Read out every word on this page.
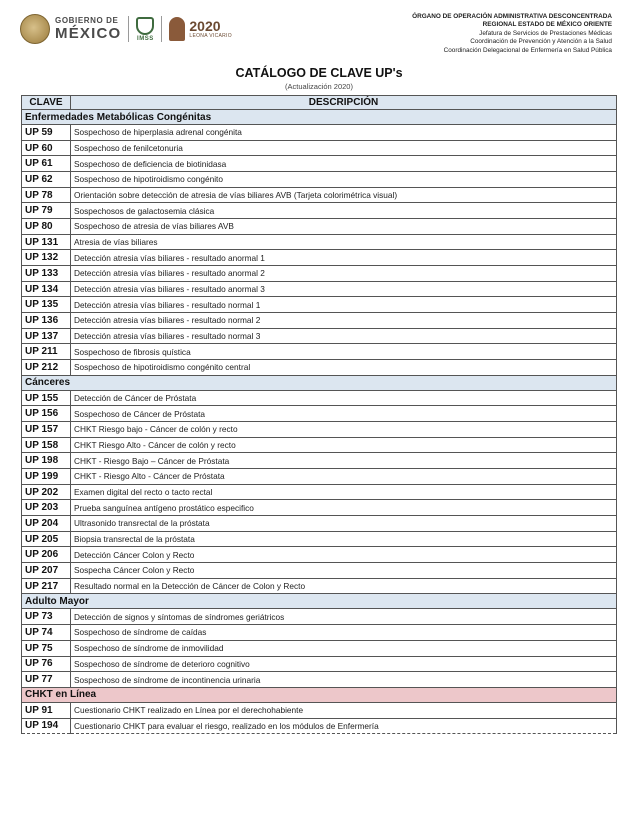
GOBIERNO DE
MÉXICO	IMSS
2020
LEONA VICARIO
ÓRGANO DE OPERACIÓN ADMINISTRATIVA DESCONCENTRADA
REGIONAL ESTADO DE MÉXICO ORIENTE
Jefatura de Servicios de Prestaciones Médicas
Coordinación de Prevención y Atención a la Salud
Coordinación Delegacional de Enfermería en Salud Pública
CATÁLOGO DE CLAVE UP's
(Actualización 2020)
CLAVE	DESCRIPCIÓN
Enfermedades Metabólicas Congénitas	
UP 59	Sospechoso de hiperplasia adrenal congénita
UP 60	Sospechoso de fenilcetonuria
UP 61	Sospechoso de deficiencia de biotinidasa
UP 62	Sospechoso de hipotiroidismo congénito
UP 78	Orientación sobre detección de atresia de vías biliares AVB (Tarjeta colorimétrica visual)
UP 79	Sospechosos de galactosemia clásica
UP 80	Sospechoso de atresia de vías biliares AVB
UP 131	Atresia de vías biliares
UP 132	Detección atresia vías biliares - resultado anormal 1
UP 133	Detección atresia vías biliares - resultado anormal 2
UP 134	Detección atresia vías biliares - resultado anormal 3
UP 135	Detección atresia vías biliares - resultado normal 1
UP 136	Detección atresia vías biliares - resultado normal 2
UP 137	Detección atresia vías biliares - resultado normal 3
UP 211	Sospechoso de fibrosis quística
UP 212	Sospechoso de hipotiroidismo congénito central
Cánceres	
UP 155	Detección de Cáncer de Próstata
UP 156	Sospechoso de Cáncer de Próstata
UP 157	CHKT Riesgo bajo - Cáncer de colón y recto
UP 158	CHKT Riesgo Alto - Cáncer de colón y recto
UP 198	CHKT - Riesgo Bajo – Cáncer de Próstata
UP 199	CHKT - Riesgo Alto - Cáncer de Próstata
UP 202	Examen digital del recto o tacto rectal
UP 203	Prueba sanguínea antígeno prostático especifico
UP 204	Ultrasonido transrectal de la próstata
UP 205	Biopsia transrectal de la próstata
UP 206	Detección Cáncer Colon y Recto
UP 207	Sospecha Cáncer Colon y Recto
UP 217	Resultado normal en la Detección de Cáncer de Colon y Recto
Adulto Mayor	
UP 73	Detección de signos y síntomas de síndromes geriátricos
UP 74	Sospechoso de síndrome de caídas
UP 75	Sospechoso de síndrome de inmovilidad
UP 76	Sospechoso de síndrome de deterioro cognitivo
UP 77	Sospechoso de síndrome de incontinencia urinaria
CHKT en Línea	
UP 91	Cuestionario CHKT realizado en Línea por el derechohabiente
UP 194	Cuestionario CHKT para evaluar el riesgo, realizado en los módulos de Enfermería
